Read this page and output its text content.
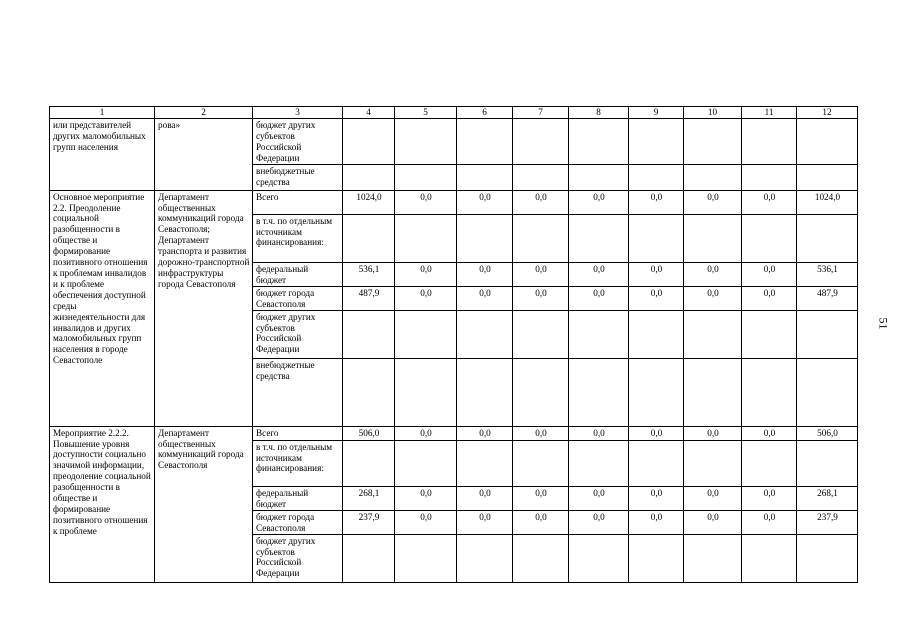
1	2	3	4	5	6	7	8	9	10	11	12
или представителей других маломобильных групп населения	рова»	бюджет других субъектов Российской Федерации									
		внебюджетные средства									
Основное мероприятие 2.2. Преодоление социальной разобщенности в обществе и формирование позитивного отношения к проблемам инвалидов и к проблеме обеспечения доступной среды жизнедеятельности для инвалидов и других маломобильных групп населения в городе Севастополе	Департамент общественных коммуникаций города Севастополя; Департамент транспорта и развития дорожно-транспортной инфраструктуры города Севастополя	Всего	1024,0	0,0	0,0	0,0	0,0	0,0	0,0	0,0	1024,0
		в т.ч. по отдельным источникам финансирования:									
		федеральный бюджет	536,1	0,0	0,0	0,0	0,0	0,0	0,0	0,0	536,1
		бюджет города Севастополя	487,9	0,0	0,0	0,0	0,0	0,0	0,0	0,0	487,9
		бюджет других субъектов Российской Федерации									
		внебюджетные средства									
Мероприятие 2.2.2. Повышение уровня доступности социально значимой информации, преодоление социальной разобщенности в обществе и формирование позитивного отношения к проблеме	Департамент общественных коммуникаций города Севастополя	Всего	506,0	0,0	0,0	0,0	0,0	0,0	0,0	0,0	506,0
		в т.ч. по отдельным источникам финансирования:									
		федеральный бюджет	268,1	0,0	0,0	0,0	0,0	0,0	0,0	0,0	268,1
		бюджет города Севастополя	237,9	0,0	0,0	0,0	0,0	0,0	0,0	0,0	237,9
		бюджет других субъектов Российской Федерации									
51
